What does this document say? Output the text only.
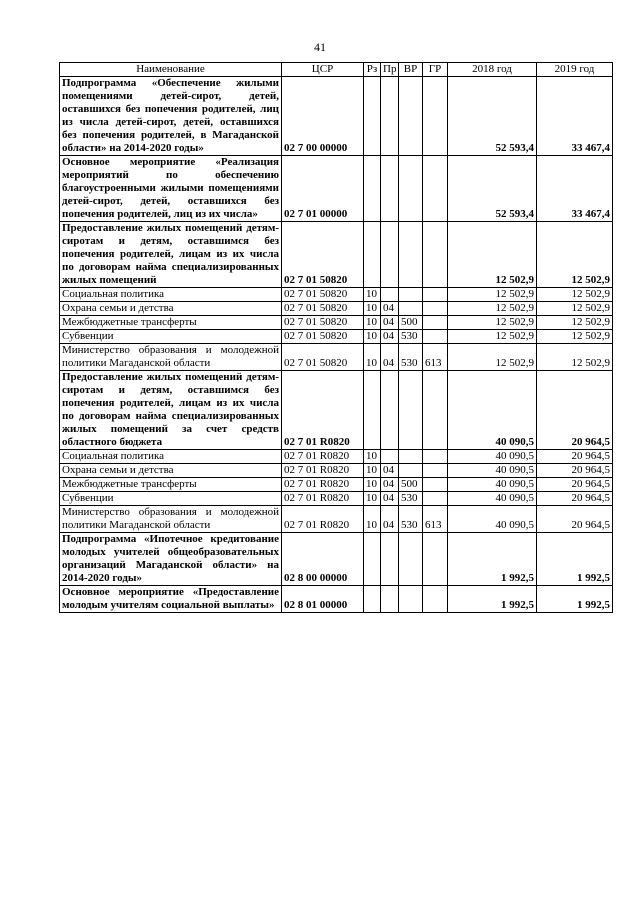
41
Наименование	ЦСР	Рз	Пр	ВР	ГР	2018 год	2019 год
Подпрограмма «Обеспечение жилыми помещениями детей-сирот, детей, оставшихся без попечения родителей, лиц из числа детей-сирот, детей, оставшихся без попечения родителей, в Магаданской области» на 2014-2020 годы»	02 7 00 00000					52 593,4	33 467,4
Основное мероприятие «Реализация мероприятий по обеспечению благоустроенными жилыми помещениями детей-сирот, детей, оставшихся без попечения родителей, лиц из их числа»	02 7 01 00000					52 593,4	33 467,4
Предоставление жилых помещений детям-сиротам и детям, оставшимся без попечения родителей, лицам из их числа по договорам найма специализированных жилых помещений	02 7 01 50820					12 502,9	12 502,9
Социальная политика	02 7 01 50820	10				12 502,9	12 502,9
Охрана семьи и детства	02 7 01 50820	10	04			12 502,9	12 502,9
Межбюджетные трансферты	02 7 01 50820	10	04	500		12 502,9	12 502,9
Субвенции	02 7 01 50820	10	04	530		12 502,9	12 502,9
Министерство образования и молодежной политики Магаданской области	02 7 01 50820	10	04	530	613	12 502,9	12 502,9
Предоставление жилых помещений детям-сиротам и детям, оставшимся без попечения родителей, лицам из их числа по договорам найма специализированных жилых помещений за счет средств областного бюджета	02 7 01 R0820					40 090,5	20 964,5
Социальная политика	02 7 01 R0820	10				40 090,5	20 964,5
Охрана семьи и детства	02 7 01 R0820	10	04			40 090,5	20 964,5
Межбюджетные трансферты	02 7 01 R0820	10	04	500		40 090,5	20 964,5
Субвенции	02 7 01 R0820	10	04	530		40 090,5	20 964,5
Министерство образования и молодежной политики Магаданской области	02 7 01 R0820	10	04	530	613	40 090,5	20 964,5
Подпрограмма «Ипотечное кредитование молодых учителей общеобразовательных организаций Магаданской области» на 2014-2020 годы»	02 8 00 00000					1 992,5	1 992,5
Основное мероприятие «Предоставление молодым учителям социальной выплаты»	02 8 01 00000					1 992,5	1 992,5
